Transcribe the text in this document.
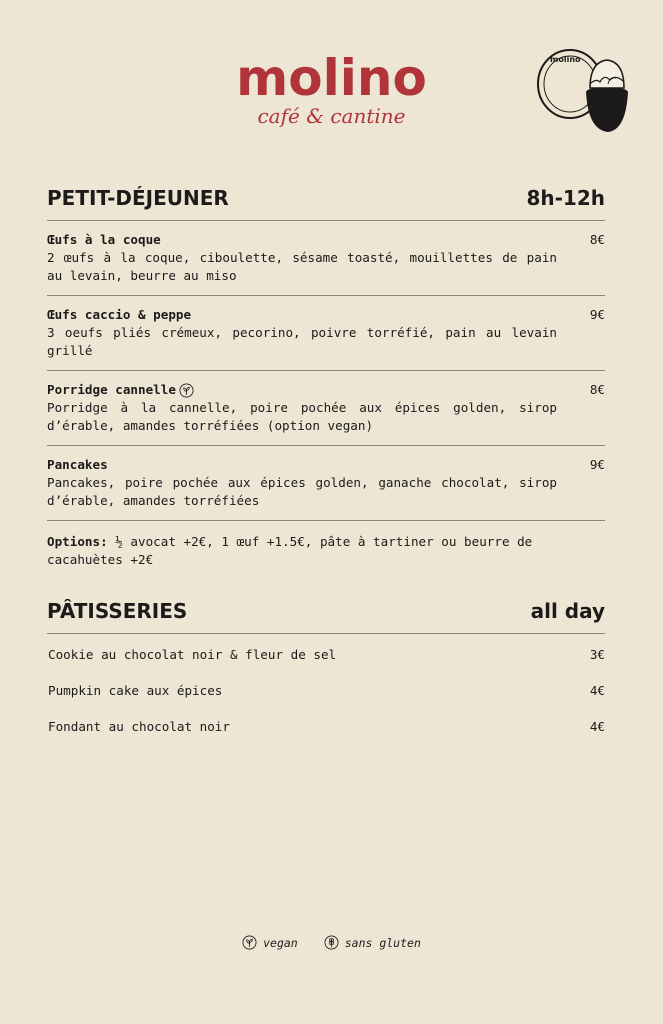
molino
café & cantine
molino
PETIT-DÉJEUNER	8h-12h
Œufs à la coque
2 œufs à la coque, ciboulette, sésame toasté, mouillettes de pain au levain, beurre au miso
8€
Œufs caccio & peppe
3 oeufs pliés crémeux, pecorino, poivre torréfié, pain au levain grillé
9€
Porridge cannelle
Porridge à la cannelle, poire pochée aux épices golden, sirop d’érable, amandes torréfiées (option vegan)
8€
Pancakes
Pancakes, poire pochée aux épices golden, ganache chocolat, sirop d’érable, amandes torréfiées
9€
Options: ½ avocat +2€, 1 œuf +1.5€, pâte à tartiner ou beurre de cacahuètes +2€
PÂTISSERIES	all day
Cookie au chocolat noir & fleur de sel	3€
Pumpkin cake aux épices	4€
Fondant au chocolat noir	4€
vegan	sans gluten
